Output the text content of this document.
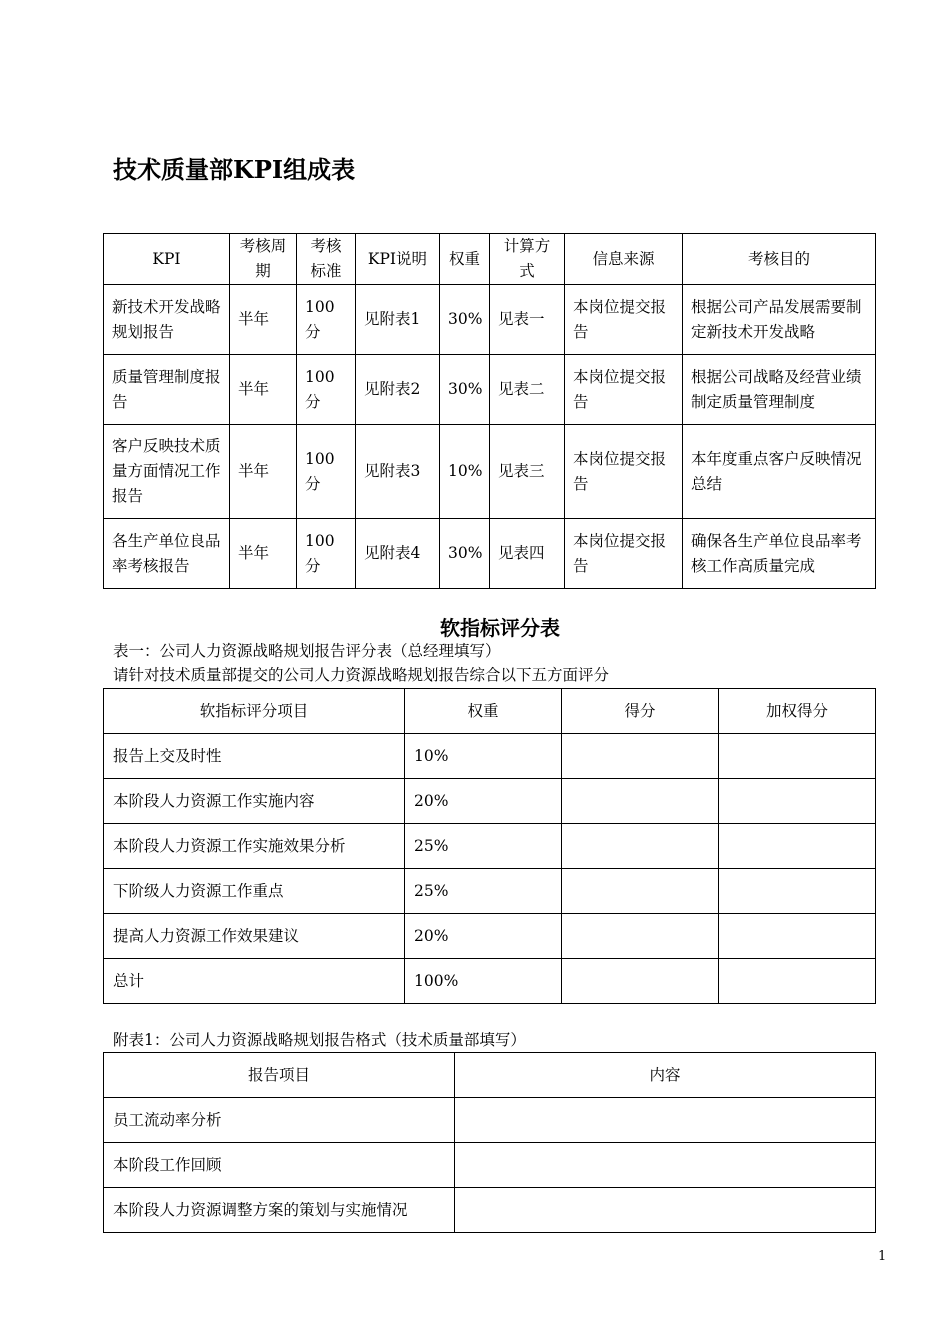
技术质量部KPI组成表
KPI	考核周期	考核标准	KPI说明	权重	计算方式	信息来源	考核目的
新技术开发战略规划报告	半年	100分	见附表1	30%	见表一	本岗位提交报告	根据公司产品发展需要制定新技术开发战略
质量管理制度报告	半年	100分	见附表2	30%	见表二	本岗位提交报告	根据公司战略及经营业绩制定质量管理制度
客户反映技术质量方面情况工作报告	半年	100分	见附表3	10%	见表三	本岗位提交报告	本年度重点客户反映情况总结
各生产单位良品率考核报告	半年	100分	见附表4	30%	见表四	本岗位提交报告	确保各生产单位良品率考核工作高质量完成
软指标评分表
表一：公司人力资源战略规划报告评分表（总经理填写）
请针对技术质量部提交的公司人力资源战略规划报告综合以下五方面评分
软指标评分项目	权重	得分	加权得分
报告上交及时性	10%		
本阶段人力资源工作实施内容	20%		
本阶段人力资源工作实施效果分析	25%		
下阶级人力资源工作重点	25%		
提高人力资源工作效果建议	20%		
总计	100%		
附表1：公司人力资源战略规划报告格式（技术质量部填写）
报告项目	内容
员工流动率分析	
本阶段工作回顾	
本阶段人力资源调整方案的策划与实施情况	
1
